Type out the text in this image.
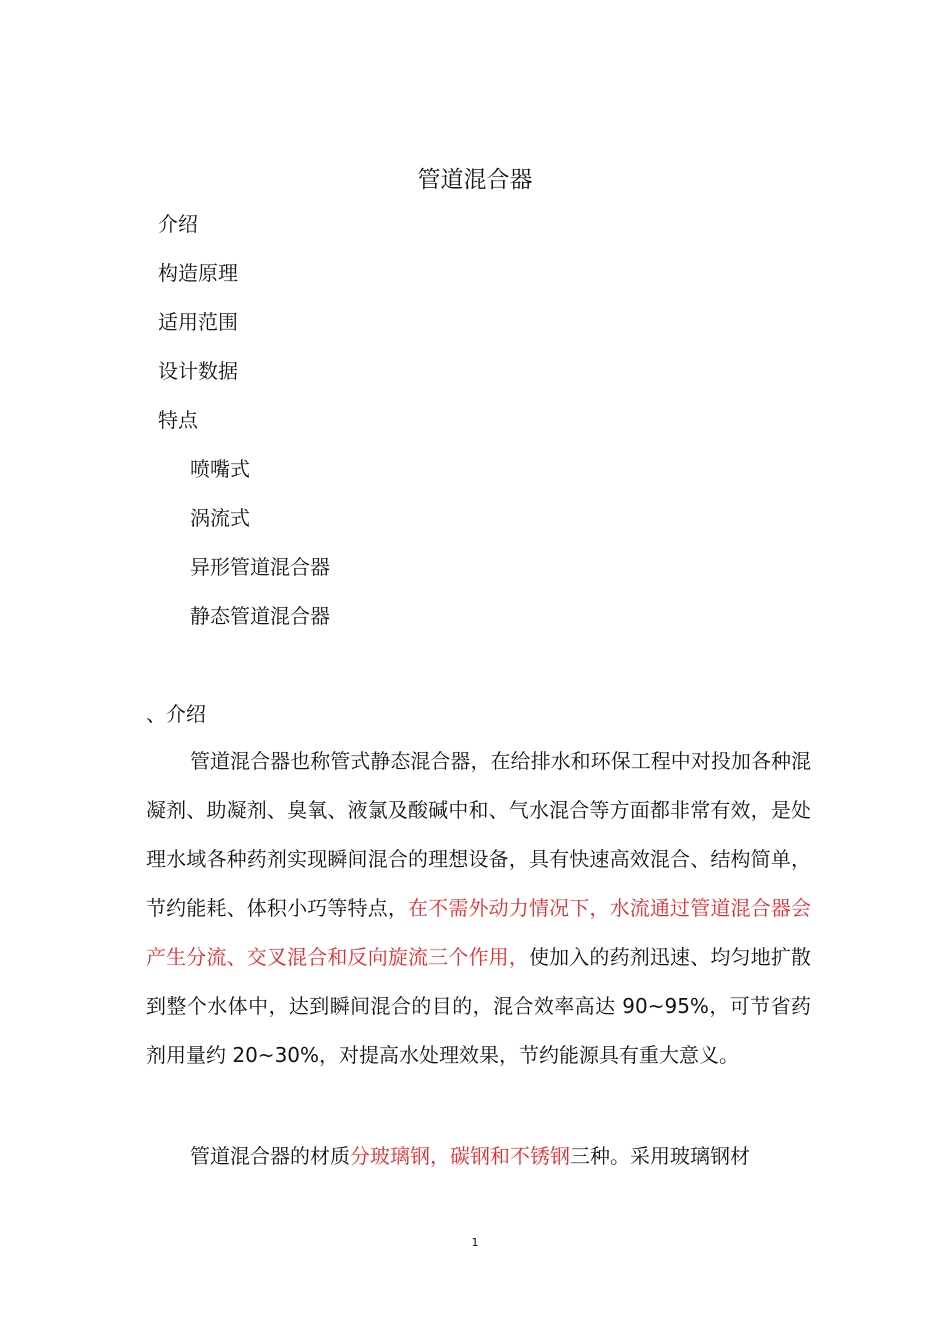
管道混合器
介绍
构造原理
适用范围
设计数据
特点
喷嘴式
涡流式
异形管道混合器
静态管道混合器
、介绍

管道混合器也称管式静态混合器，在给排水和环保工程中对投加各种混凝剂、助凝剂、臭氧、液氯及酸碱中和、气水混合等方面都非常有效，是处理水域各种药剂实现瞬间混合的理想设备，具有快速高效混合、结构简单，节约能耗、体积小巧等特点，在不需外动力情况下，水流通过管道混合器会产生分流、交叉混合和反向旋流三个作用，使加入的药剂迅速、均匀地扩散到整个水体中，达到瞬间混合的目的，混合效率高达 90~95%，可节省药剂用量约 20~30%，对提高水处理效果，节约能源具有重大意义。

管道混合器的材质分玻璃钢，碳钢和不锈钢三种。采用玻璃钢材

1
